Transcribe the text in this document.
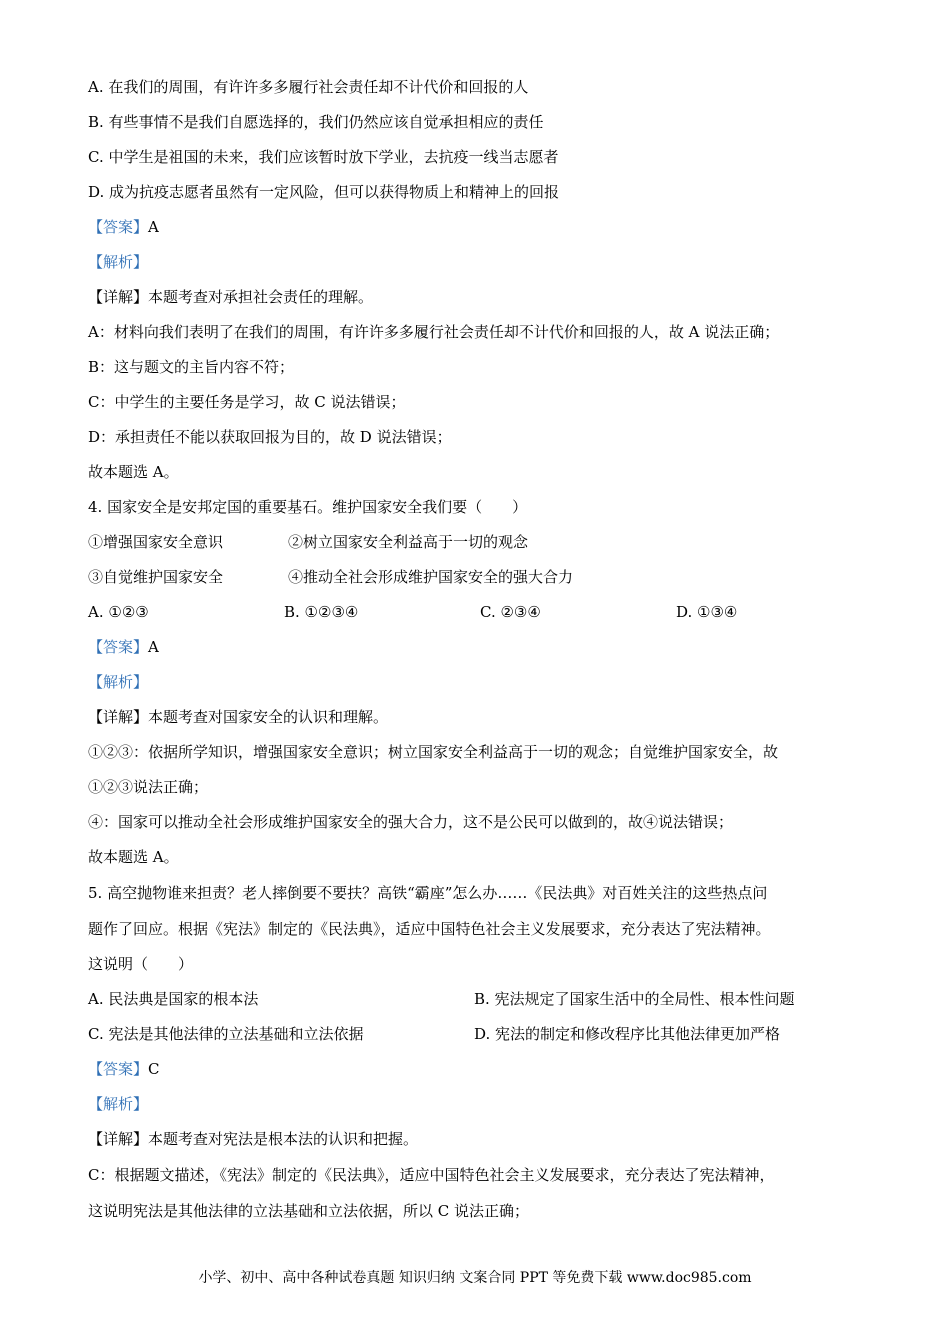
A. 在我们的周围，有许许多多履行社会责任却不计代价和回报的人
B. 有些事情不是我们自愿选择的，我们仍然应该自觉承担相应的责任
C. 中学生是祖国的未来，我们应该暂时放下学业，去抗疫一线当志愿者
D. 成为抗疫志愿者虽然有一定风险，但可以获得物质上和精神上的回报
【答案】A
【解析】
【详解】本题考查对承担社会责任的理解。
A：材料向我们表明了在我们的周围，有许许多多履行社会责任却不计代价和回报的人，故 A 说法正确；
B：这与题文的主旨内容不符；
C：中学生的主要任务是学习，故 C 说法错误；
D：承担责任不能以获取回报为目的，故 D 说法错误；
故本题选 A。
4. 国家安全是安邦定国的重要基石。维护国家安全我们要（　　）
①增强国家安全意识	②树立国家安全利益高于一切的观念
③自觉维护国家安全	④推动全社会形成维护国家安全的强大合力
A. ①②③	B. ①②③④	C. ②③④	D. ①③④
【答案】A
【解析】
【详解】本题考查对国家安全的认识和理解。
①②③：依据所学知识，增强国家安全意识；树立国家安全利益高于一切的观念；自觉维护国家安全，故
①②③说法正确；
④：国家可以推动全社会形成维护国家安全的强大合力，这不是公民可以做到的，故④说法错误；
故本题选 A。
5. 高空抛物谁来担责？老人摔倒要不要扶？高铁“霸座”怎么办……《民法典》对百姓关注的这些热点问
题作了回应。根据《宪法》制定的《民法典》，适应中国特色社会主义发展要求，充分表达了宪法精神。
这说明（　　）
A. 民法典是国家的根本法	B. 宪法规定了国家生活中的全局性、根本性问题
C. 宪法是其他法律的立法基础和立法依据	D. 宪法的制定和修改程序比其他法律更加严格
【答案】C
【解析】
【详解】本题考查对宪法是根本法的认识和把握。
C：根据题文描述，《宪法》制定的《民法典》，适应中国特色社会主义发展要求，充分表达了宪法精神，
这说明宪法是其他法律的立法基础和立法依据，所以 C 说法正确；
小学、初中、高中各种试卷真题 知识归纳 文案合同 PPT 等免费下载 www.doc985.com
